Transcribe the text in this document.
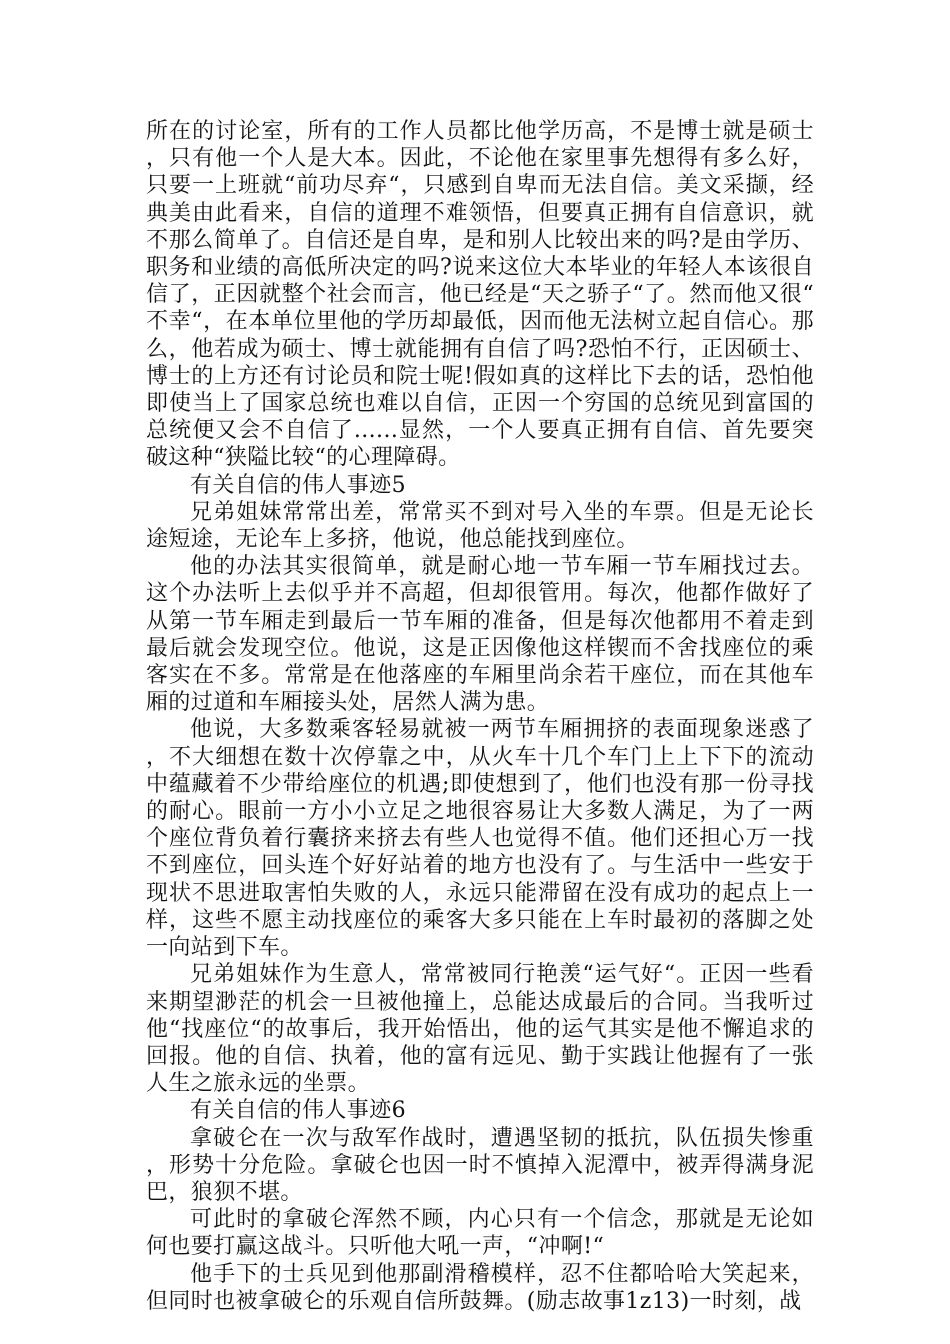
所在的讨论室，所有的工作人员都比他学历高，不是博士就是硕士，只有他一个人是大本。因此，不论他在家里事先想得有多么好，只要一上班就“前功尽弃“，只感到自卑而无法自信。美文采撷，经典美由此看来，自信的道理不难领悟，但要真正拥有自信意识，就不那么简单了。自信还是自卑，是和别人比较出来的吗?是由学历、职务和业绩的高低所决定的吗?说来这位大本毕业的年轻人本该很自信了，正因就整个社会而言，他已经是“天之骄子“了。然而他又很“不幸“，在本单位里他的学历却最低，因而他无法树立起自信心。那么，他若成为硕士、博士就能拥有自信了吗?恐怕不行，正因硕士、博士的上方还有讨论员和院士呢!假如真的这样比下去的话，恐怕他即使当上了国家总统也难以自信，正因一个穷国的总统见到富国的总统便又会不自信了......显然，一个人要真正拥有自信、首先要突破这种“狭隘比较“的心理障碍。

有关自信的伟人事迹5

兄弟姐妹常常出差，常常买不到对号入坐的车票。但是无论长途短途，无论车上多挤，他说，他总能找到座位。

他的办法其实很简单，就是耐心地一节车厢一节车厢找过去。这个办法听上去似乎并不高超，但却很管用。每次，他都作做好了从第一节车厢走到最后一节车厢的准备，但是每次他都用不着走到最后就会发现空位。他说，这是正因像他这样锲而不舍找座位的乘客实在不多。常常是在他落座的车厢里尚余若干座位，而在其他车厢的过道和车厢接头处，居然人满为患。

他说，大多数乘客轻易就被一两节车厢拥挤的表面现象迷惑了，不大细想在数十次停靠之中，从火车十几个车门上上下下的流动中蕴藏着不少带给座位的机遇;即使想到了，他们也没有那一份寻找的耐心。眼前一方小小立足之地很容易让大多数人满足，为了一两个座位背负着行囊挤来挤去有些人也觉得不值。他们还担心万一找不到座位，回头连个好好站着的地方也没有了。与生活中一些安于现状不思进取害怕失败的人，永远只能滞留在没有成功的起点上一样，这些不愿主动找座位的乘客大多只能在上车时最初的落脚之处一向站到下车。

兄弟姐妹作为生意人，常常被同行艳羡“运气好“。正因一些看来期望渺茫的机会一旦被他撞上，总能达成最后的合同。当我听过他“找座位“的故事后，我开始悟出，他的运气其实是他不懈追求的回报。他的自信、执着，他的富有远见、勤于实践让他握有了一张人生之旅永远的坐票。

有关自信的伟人事迹6

拿破仑在一次与敌军作战时，遭遇坚韧的抵抗，队伍损失惨重，形势十分危险。拿破仑也因一时不慎掉入泥潭中，被弄得满身泥巴，狼狈不堪。

可此时的拿破仑浑然不顾，内心只有一个信念，那就是无论如何也要打赢这战斗。只听他大吼一声，“冲啊!“

他手下的士兵见到他那副滑稽模样，忍不住都哈哈大笑起来，但同时也被拿破仑的乐观自信所鼓舞。(励志故事1z13)一时刻，战
